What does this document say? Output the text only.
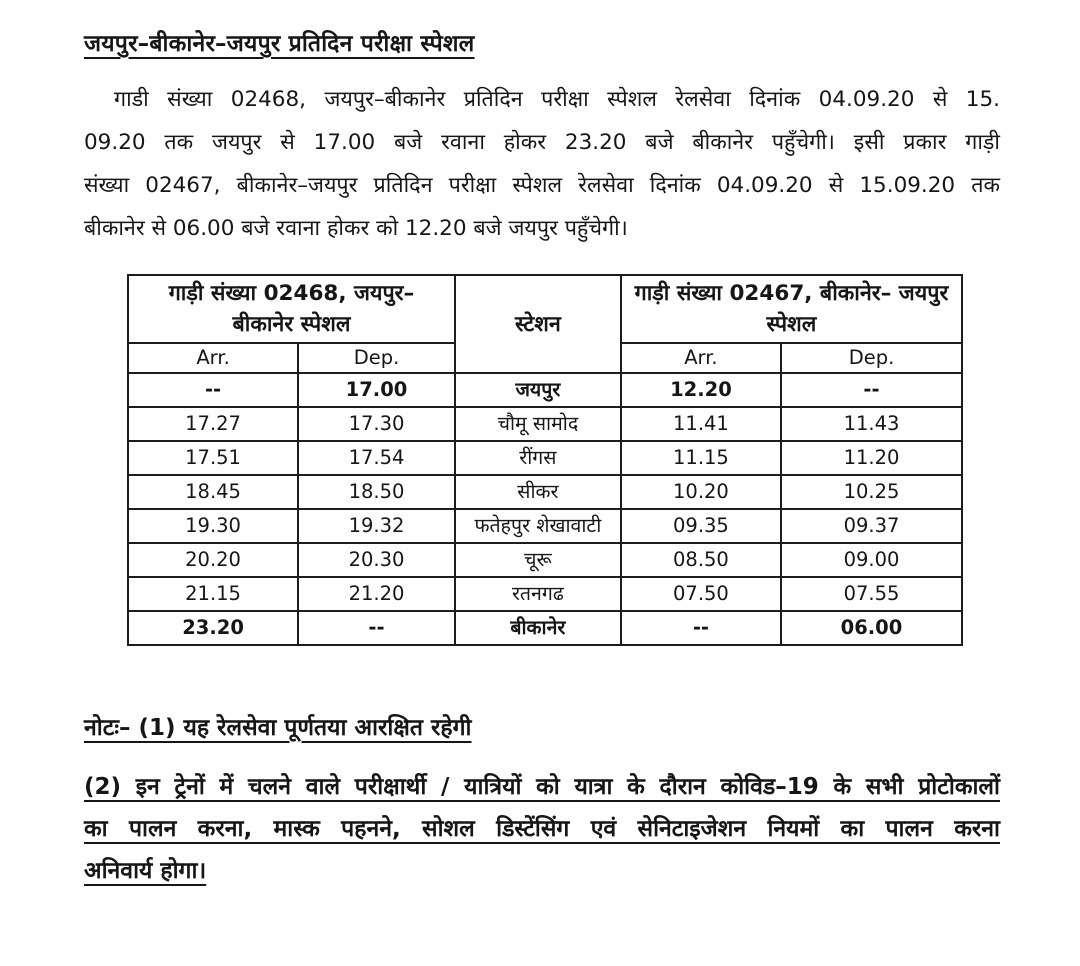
जयपुर–बीकानेर–जयपुर प्रतिदिन परीक्षा स्पेशल
गाडी संख्या 02468, जयपुर–बीकानेर प्रतिदिन परीक्षा स्पेशल रेलसेवा दिनांक 04.09.20 से 15.
09.20 तक जयपुर से 17.00 बजे रवाना होकर 23.20 बजे बीकानेर पहुँचेगी। इसी प्रकार गाड़ी
संख्या 02467, बीकानेर–जयपुर प्रतिदिन परीक्षा स्पेशल रेलसेवा दिनांक 04.09.20 से 15.09.20 तक
बीकानेर से 06.00 बजे रवाना होकर को 12.20 बजे जयपुर पहुँचेगी।
गाड़ी संख्या 02468, जयपुर–बीकानेर स्पेशल		स्टेशन	गाड़ी संख्या 02467, बीकानेर– जयपुर स्पेशल	
Arr.	Dep.		Arr.	Dep.
--	17.00	जयपुर	12.20	--
17.27	17.30	चौमू सामोद	11.41	11.43
17.51	17.54	रींगस	11.15	11.20
18.45	18.50	सीकर	10.20	10.25
19.30	19.32	फतेहपुर शेखावाटी	09.35	09.37
20.20	20.30	चूरू	08.50	09.00
21.15	21.20	रतनगढ	07.50	07.55
23.20	--	बीकानेर	--	06.00
नोटः– (1) यह रेलसेवा पूर्णतया आरक्षित रहेगी
(2) इन ट्रेनों में चलने वाले परीक्षार्थी / यात्रियों को यात्रा के दौरान कोविड–19 के सभी प्रोटोकालों
का पालन करना, मास्क पहनने, सोशल डिस्टेंसिंग एवं सेनिटाइजेशन नियमों का पालन करना
अनिवार्य होगा।
